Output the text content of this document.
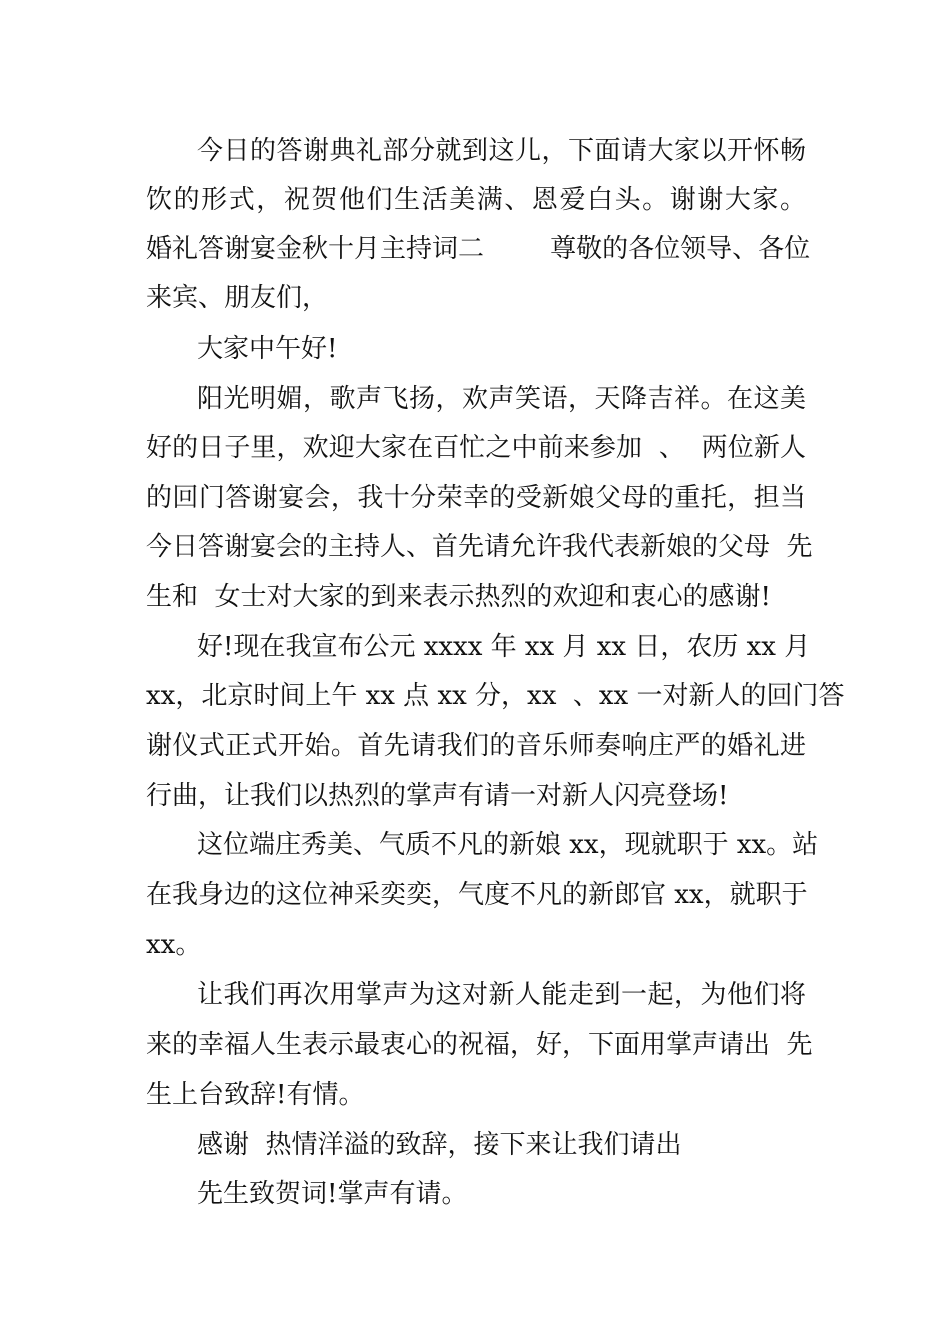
今日的答谢典礼部分就到这儿，下面请大家以开怀畅
饮的形式，祝贺他们生活美满、恩爱白头。谢谢大家。
婚礼答谢宴金秋十月主持词二        尊敬的各位领导、各位
来宾、朋友们，
大家中午好!
阳光明媚，歌声飞扬，欢声笑语，天降吉祥。在这美
好的日子里，欢迎大家在百忙之中前来参加  、  两位新人
的回门答谢宴会，我十分荣幸的受新娘父母的重托，担当
今日答谢宴会的主持人、首先请允许我代表新娘的父母  先
生和  女士对大家的到来表示热烈的欢迎和衷心的感谢!
好!现在我宣布公元 xxxx 年 xx 月 xx 日，农历 xx 月
xx，北京时间上午 xx 点 xx 分，xx  、xx 一对新人的回门答
谢仪式正式开始。首先请我们的音乐师奏响庄严的婚礼进
行曲，让我们以热烈的掌声有请一对新人闪亮登场!
这位端庄秀美、气质不凡的新娘 xx，现就职于 xx。站
在我身边的这位神采奕奕，气度不凡的新郎官 xx，就职于
xx。
让我们再次用掌声为这对新人能走到一起，为他们将
来的幸福人生表示最衷心的祝福，好，下面用掌声请出  先
生上台致辞!有情。
感谢  热情洋溢的致辞，接下来让我们请出
先生致贺词!掌声有请。
